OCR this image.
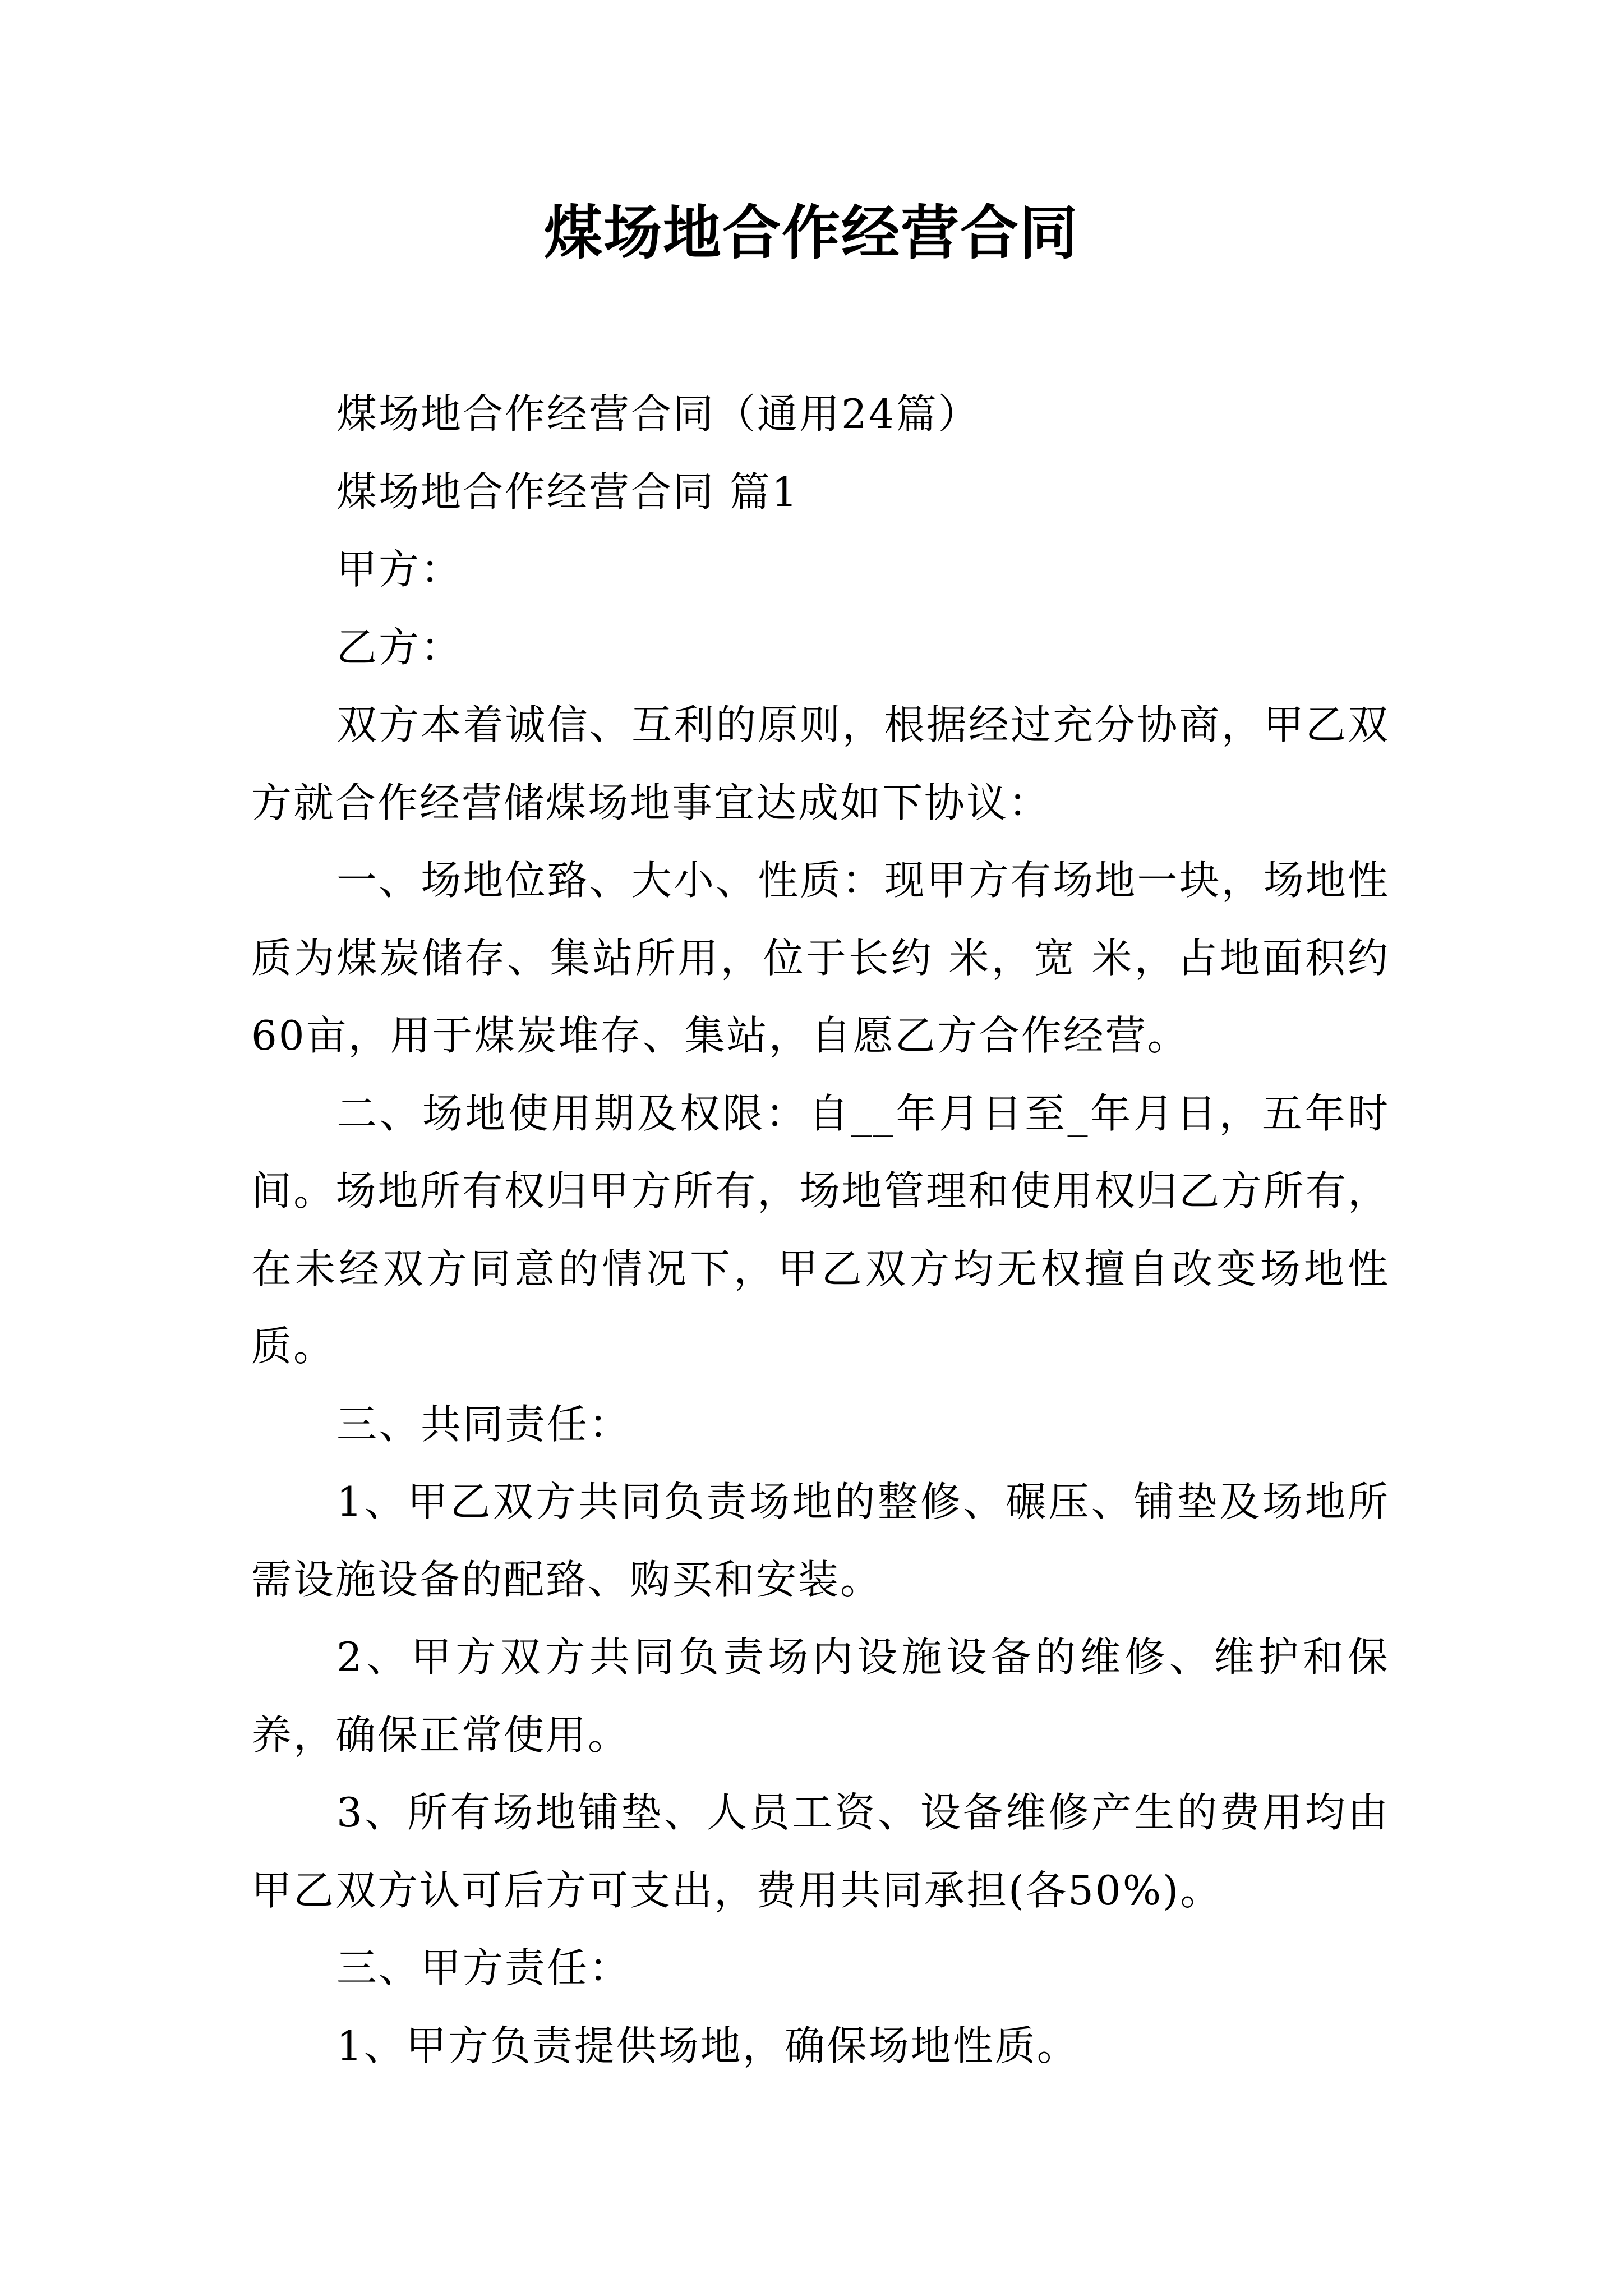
煤场地合作经营合同

煤场地合作经营合同（通用24篇）

煤场地合作经营合同 篇1

甲方：

乙方：

双方本着诚信、互利的原则，根据经过充分协商，甲乙双方就合作经营储煤场地事宜达成如下协议：

一、场地位臵、大小、性质：现甲方有场地一块，场地性质为煤炭储存、集站所用，位于长约 米，宽 米，占地面积约60亩，用于煤炭堆存、集站，自愿乙方合作经营。

二、场地使用期及权限：自__年月日至_年月日，五年时间。场地所有权归甲方所有，场地管理和使用权归乙方所有，在未经双方同意的情况下，甲乙双方均无权擅自改变场地性质。

三、共同责任：

1、甲乙双方共同负责场地的整修、碾压、铺垫及场地所需设施设备的配臵、购买和安装。

2、甲方双方共同负责场内设施设备的维修、维护和保养，确保正常使用。

3、所有场地铺垫、人员工资、设备维修产生的费用均由甲乙双方认可后方可支出，费用共同承担(各50%)。

三、甲方责任：

1、甲方负责提供场地，确保场地性质。
